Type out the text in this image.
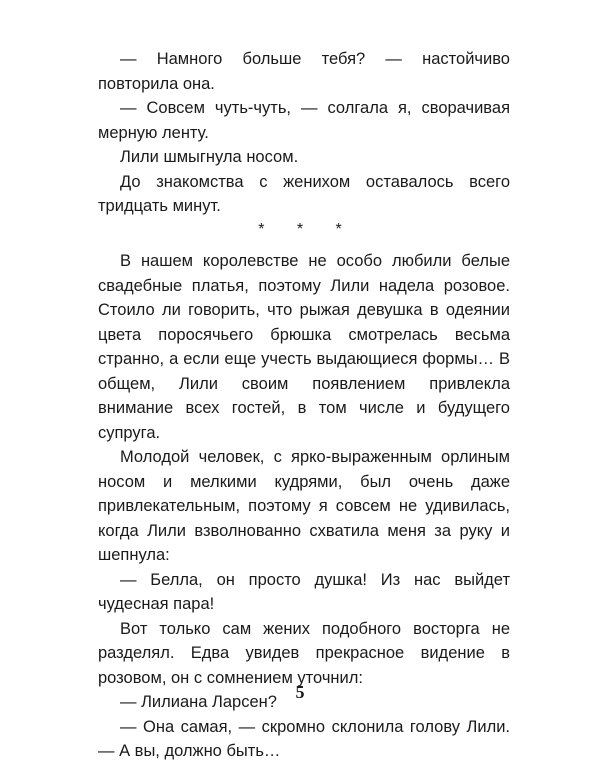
— Намного больше тебя? — настойчиво повторила она.

— Совсем чуть-чуть, — солгала я, сворачивая мерную ленту.

Лили шмыгнула носом.

До знакомства с женихом оставалось всего тридцать минут.

* * *

В нашем королевстве не особо любили белые свадебные платья, поэтому Лили надела розовое. Стоило ли говорить, что рыжая девушка в одеянии цвета поросячьего брюшка смотрелась весьма странно, а если еще учесть выдающиеся формы… В общем, Лили своим появлением привлекла внимание всех гостей, в том числе и будущего супруга.

Молодой человек, с ярко-выраженным орлиным носом и мелкими кудрями, был очень даже привлекательным, поэтому я совсем не удивилась, когда Лили взволнованно схватила меня за руку и шепнула:

— Белла, он просто душка! Из нас выйдет чудесная пара!

Вот только сам жених подобного восторга не разделял. Едва увидев прекрасное видение в розовом, он с сомнением уточнил:

— Лилиана Ларсен?

— Она самая, — скромно склонила голову Лили. — А вы, должно быть…

5
